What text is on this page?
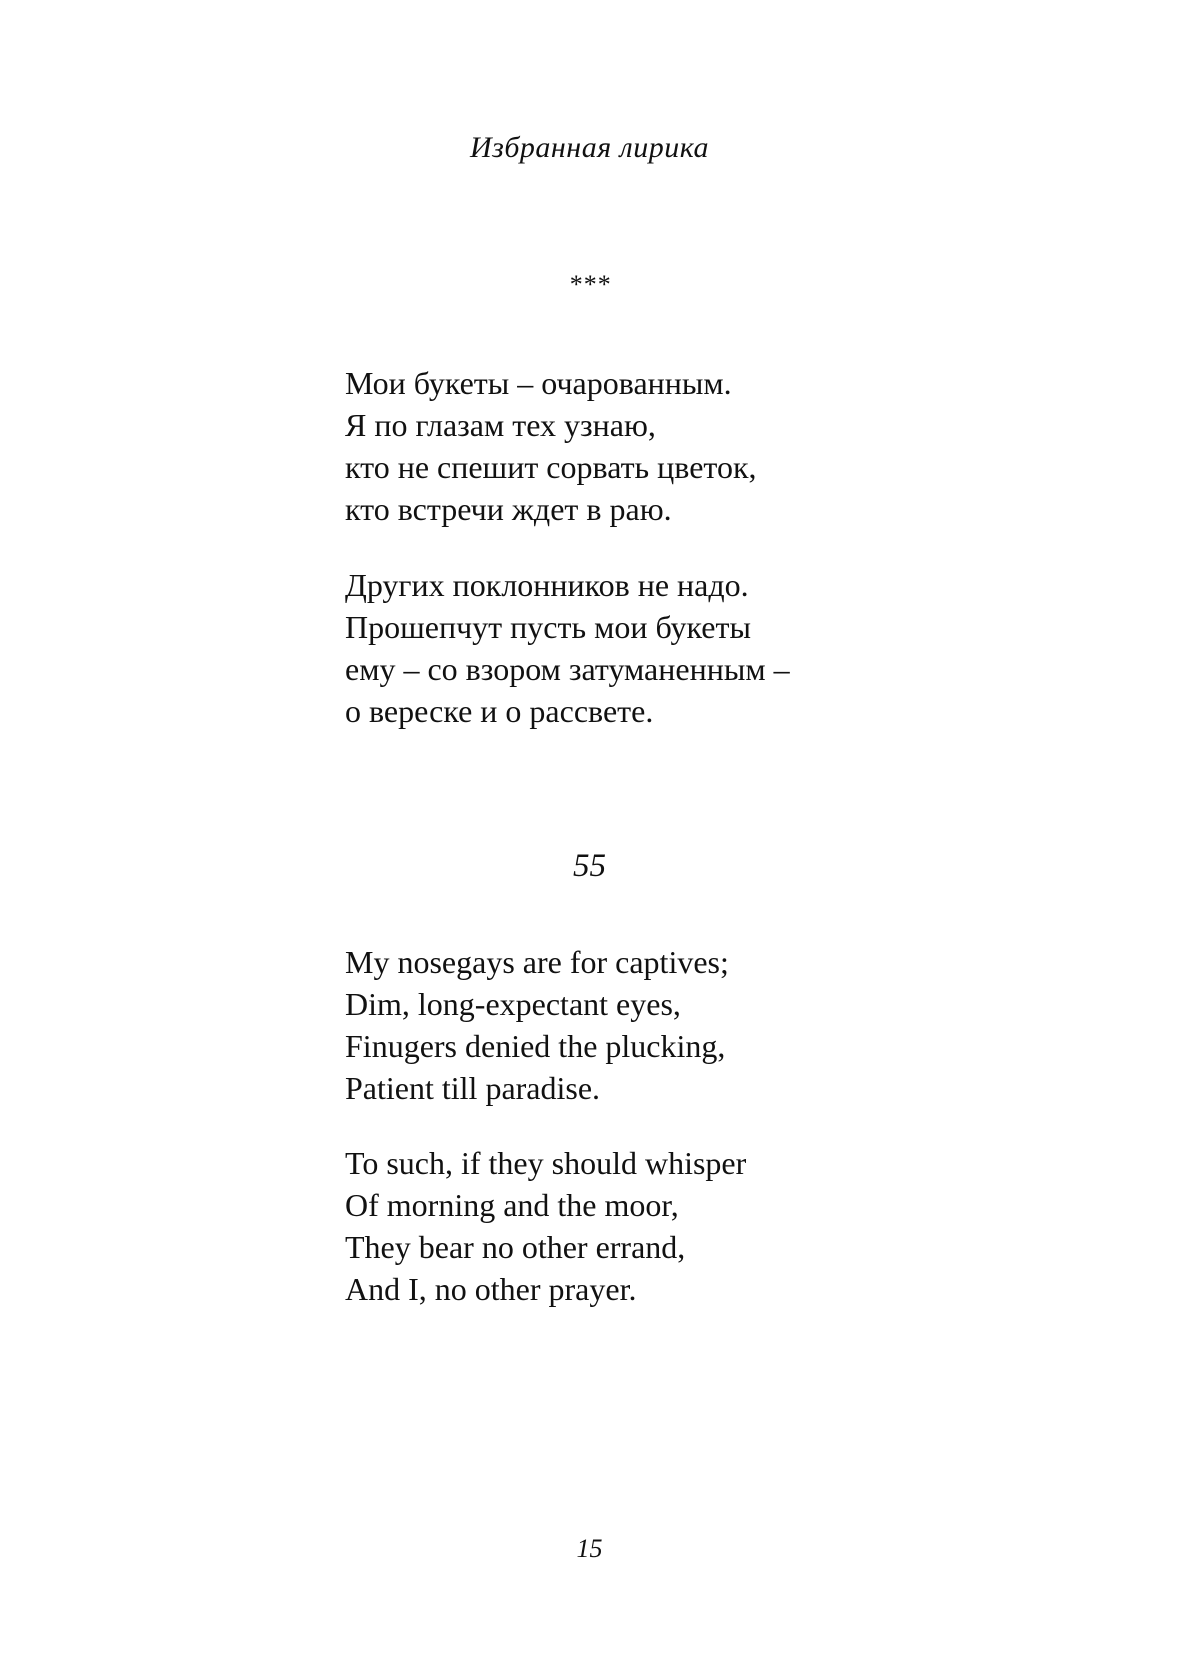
Избранная лирика
***
Мои букеты – очарованным.
Я по глазам тех узнаю,
кто не спешит сорвать цветок,
кто встречи ждет в раю.
Других поклонников не надо.
Прошепчут пусть мои букеты
ему – со взором затуманенным –
о вереске и о рассвете.
55
My nosegays are for captives;
Dim, long-expectant eyes,
Finugers denied the plucking,
Patient till paradise.
To such, if they should whisper
Of morning and the moor,
They bear no other errand,
And I, no other prayer.
15
